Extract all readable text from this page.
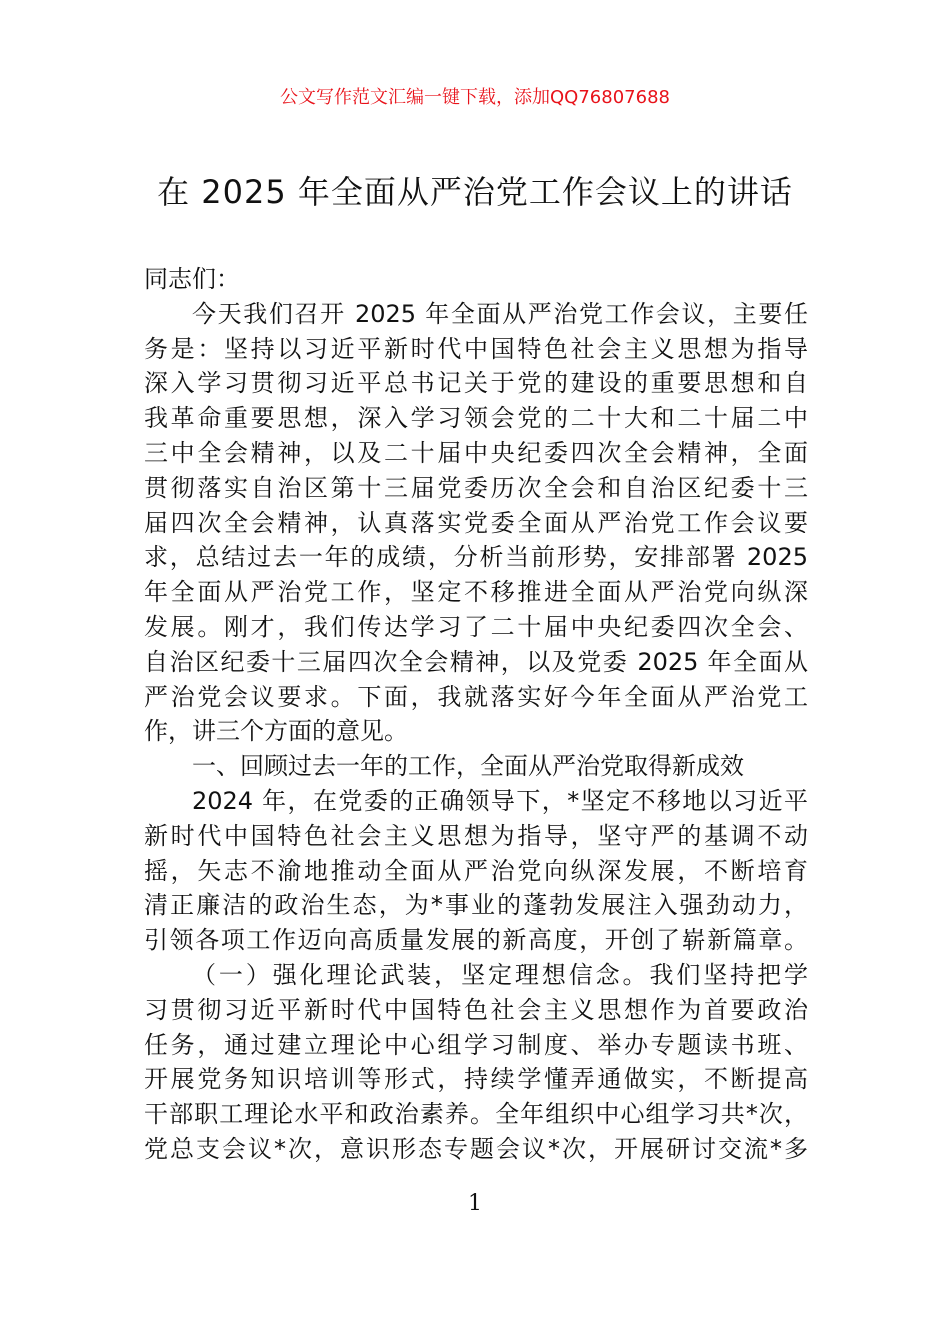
公文写作范文汇编一键下载，添加QQ76807688
在 2025 年全面从严治党工作会议上的讲话
同志们：
今天我们召开 2025 年全面从严治党工作会议，主要任
务是：坚持以习近平新时代中国特色社会主义思想为指导
深入学习贯彻习近平总书记关于党的建设的重要思想和自
我革命重要思想，深入学习领会党的二十大和二十届二中
三中全会精神，以及二十届中央纪委四次全会精神，全面
贯彻落实自治区第十三届党委历次全会和自治区纪委十三
届四次全会精神，认真落实党委全面从严治党工作会议要
求，总结过去一年的成绩，分析当前形势，安排部署 2025
年全面从严治党工作，坚定不移推进全面从严治党向纵深
发展。刚才，我们传达学习了二十届中央纪委四次全会、
自治区纪委十三届四次全会精神，以及党委 2025 年全面从
严治党会议要求。下面，我就落实好今年全面从严治党工
作，讲三个方面的意见。
一、回顾过去一年的工作，全面从严治党取得新成效
2024 年，在党委的正确领导下，*坚定不移地以习近平
新时代中国特色社会主义思想为指导，坚守严的基调不动
摇，矢志不渝地推动全面从严治党向纵深发展，不断培育
清正廉洁的政治生态，为*事业的蓬勃发展注入强劲动力，
引领各项工作迈向高质量发展的新高度，开创了崭新篇章。
（一）强化理论武装，坚定理想信念。我们坚持把学
习贯彻习近平新时代中国特色社会主义思想作为首要政治
任务，通过建立理论中心组学习制度、举办专题读书班、
开展党务知识培训等形式，持续学懂弄通做实，不断提高
干部职工理论水平和政治素养。全年组织中心组学习共*次，
党总支会议*次，意识形态专题会议*次，开展研讨交流*多
1
